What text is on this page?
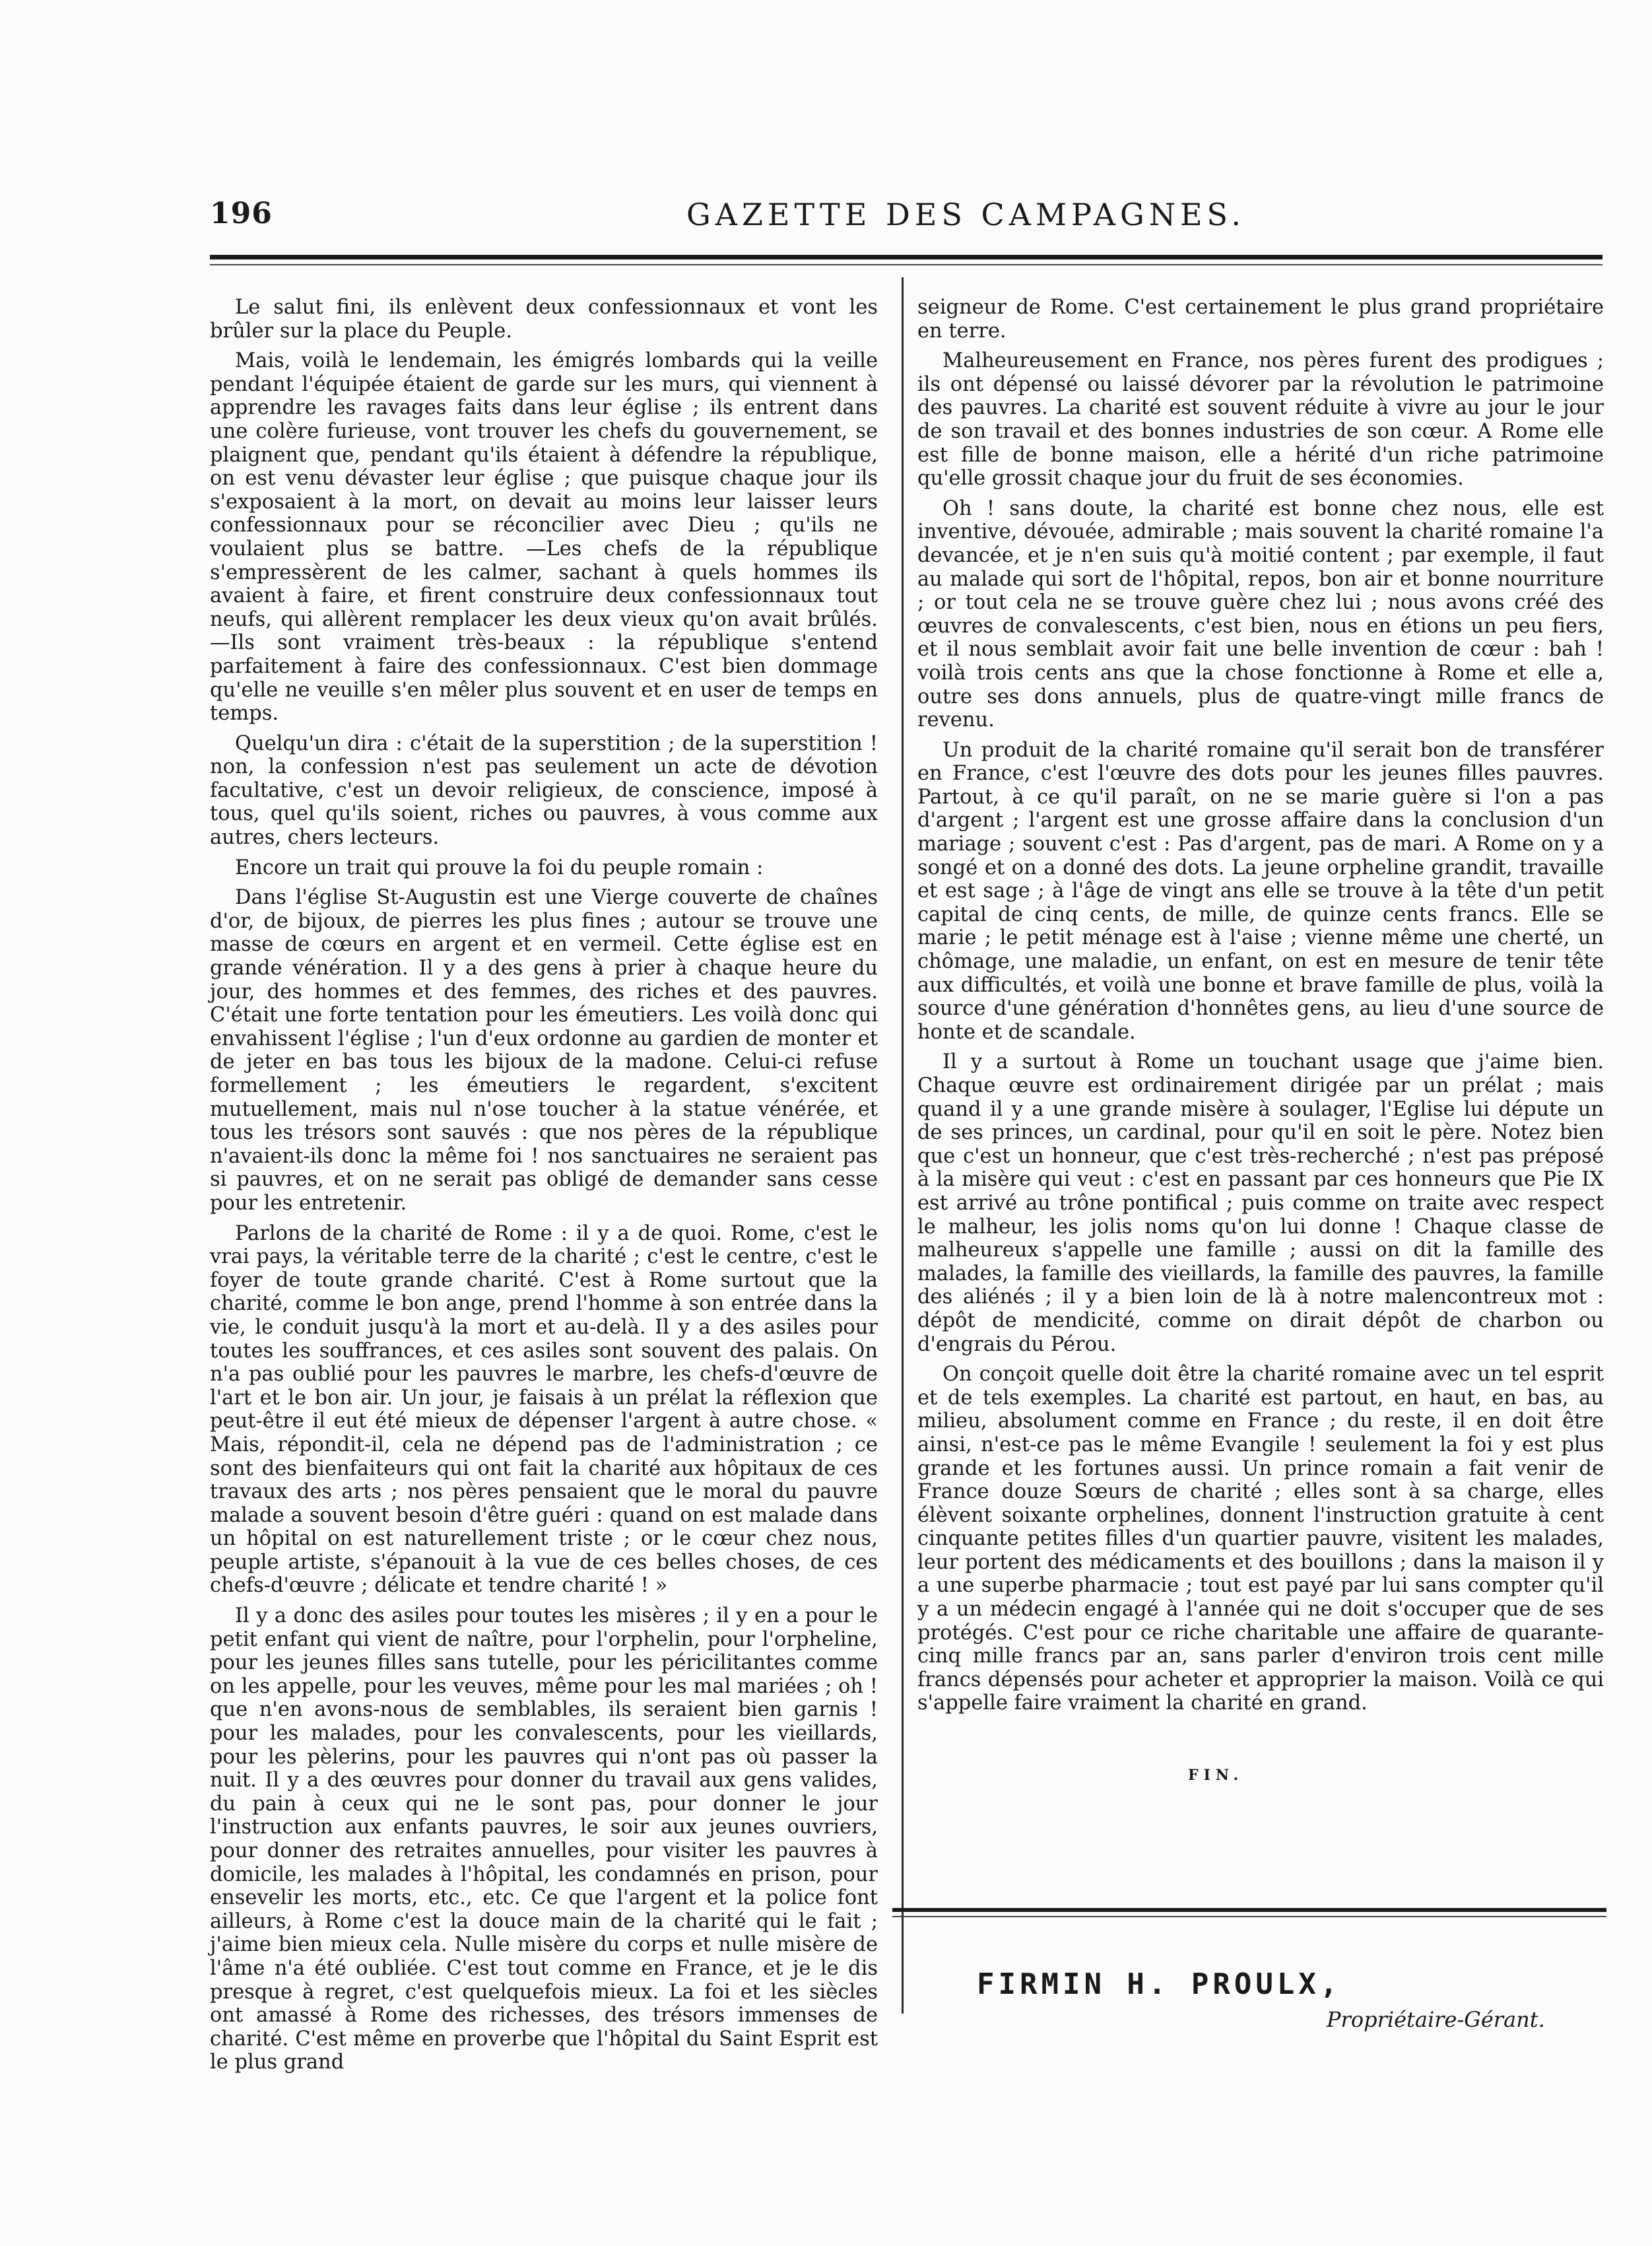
196	GAZETTE DES CAMPAGNES.

Le salut fini, ils enlèvent deux confessionnaux et vont les brûler sur la place du Peuple.

Mais, voilà le lendemain, les émigrés lombards qui la veille pendant l'équipée étaient de garde sur les murs, qui viennent à apprendre les ravages faits dans leur église ; ils entrent dans une colère furieuse, vont trouver les chefs du gouvernement, se plaignent que, pendant qu'ils étaient à défendre la république, on est venu dévaster leur église ; que puisque chaque jour ils s'exposaient à la mort, on devait au moins leur laisser leurs confessionnaux pour se réconcilier avec Dieu ; qu'ils ne voulaient plus se battre. —Les chefs de la république s'empressèrent de les calmer, sachant à quels hommes ils avaient à faire, et firent construire deux confessionnaux tout neufs, qui allèrent remplacer les deux vieux qu'on avait brûlés. —Ils sont vraiment très-beaux : la république s'entend parfaitement à faire des confessionnaux. C'est bien dommage qu'elle ne veuille s'en mêler plus souvent et en user de temps en temps.

Quelqu'un dira : c'était de la superstition ; de la superstition ! non, la confession n'est pas seulement un acte de dévotion facultative, c'est un devoir religieux, de conscience, imposé à tous, quel qu'ils soient, riches ou pauvres, à vous comme aux autres, chers lecteurs.

Encore un trait qui prouve la foi du peuple romain :

Dans l'église St-Augustin est une Vierge couverte de chaînes d'or, de bijoux, de pierres les plus fines ; autour se trouve une masse de cœurs en argent et en vermeil. Cette église est en grande vénération. Il y a des gens à prier à chaque heure du jour, des hommes et des femmes, des riches et des pauvres. C'était une forte tentation pour les émeutiers. Les voilà donc qui envahissent l'église ; l'un d'eux ordonne au gardien de monter et de jeter en bas tous les bijoux de la madone. Celui-ci refuse formellement ; les émeutiers le regardent, s'excitent mutuellement, mais nul n'ose toucher à la statue vénérée, et tous les trésors sont sauvés : que nos pères de la république n'avaient-ils donc la même foi ! nos sanctuaires ne seraient pas si pauvres, et on ne serait pas obligé de demander sans cesse pour les entretenir.

Parlons de la charité de Rome : il y a de quoi. Rome, c'est le vrai pays, la véritable terre de la charité ; c'est le centre, c'est le foyer de toute grande charité. C'est à Rome surtout que la charité, comme le bon ange, prend l'homme à son entrée dans la vie, le conduit jusqu'à la mort et au-delà. Il y a des asiles pour toutes les souffrances, et ces asiles sont souvent des palais. On n'a pas oublié pour les pauvres le marbre, les chefs-d'œuvre de l'art et le bon air. Un jour, je faisais à un prélat la réflexion que peut-être il eut été mieux de dépenser l'argent à autre chose. « Mais, répondit-il, cela ne dépend pas de l'administration ; ce sont des bienfaiteurs qui ont fait la charité aux hôpitaux de ces travaux des arts ; nos pères pensaient que le moral du pauvre malade a souvent besoin d'être guéri : quand on est malade dans un hôpital on est naturellement triste ; or le cœur chez nous, peuple artiste, s'épanouit à la vue de ces belles choses, de ces chefs-d'œuvre ; délicate et tendre charité ! »

Il y a donc des asiles pour toutes les misères ; il y en a pour le petit enfant qui vient de naître, pour l'orphelin, pour l'orpheline, pour les jeunes filles sans tutelle, pour les péricilitantes comme on les appelle, pour les veuves, même pour les mal mariées ; oh ! que n'en avons-nous de semblables, ils seraient bien garnis ! pour les malades, pour les convalescents, pour les vieillards, pour les pèlerins, pour les pauvres qui n'ont pas où passer la nuit. Il y a des œuvres pour donner du travail aux gens valides, du pain à ceux qui ne le sont pas, pour donner le jour l'instruction aux enfants pauvres, le soir aux jeunes ouvriers, pour donner des retraites annuelles, pour visiter les pauvres à domicile, les malades à l'hôpital, les condamnés en prison, pour ensevelir les morts, etc., etc. Ce que l'argent et la police font ailleurs, à Rome c'est la douce main de la charité qui le fait ; j'aime bien mieux cela. Nulle misère du corps et nulle misère de l'âme n'a été oubliée. C'est tout comme en France, et je le dis presque à regret, c'est quelquefois mieux. La foi et les siècles ont amassé à Rome des richesses, des trésors immenses de charité. C'est même en proverbe que l'hôpital du Saint Esprit est le plus grand

seigneur de Rome. C'est certainement le plus grand propriétaire en terre.

Malheureusement en France, nos pères furent des prodigues ; ils ont dépensé ou laissé dévorer par la révolution le patrimoine des pauvres. La charité est souvent réduite à vivre au jour le jour de son travail et des bonnes industries de son cœur. A Rome elle est fille de bonne maison, elle a hérité d'un riche patrimoine qu'elle grossit chaque jour du fruit de ses économies.

Oh ! sans doute, la charité est bonne chez nous, elle est inventive, dévouée, admirable ; mais souvent la charité romaine l'a devancée, et je n'en suis qu'à moitié content ; par exemple, il faut au malade qui sort de l'hôpital, repos, bon air et bonne nourriture ; or tout cela ne se trouve guère chez lui ; nous avons créé des œuvres de convalescents, c'est bien, nous en étions un peu fiers, et il nous semblait avoir fait une belle invention de cœur : bah ! voilà trois cents ans que la chose fonctionne à Rome et elle a, outre ses dons annuels, plus de quatre-vingt mille francs de revenu.

Un produit de la charité romaine qu'il serait bon de transférer en France, c'est l'œuvre des dots pour les jeunes filles pauvres. Partout, à ce qu'il paraît, on ne se marie guère si l'on a pas d'argent ; l'argent est une grosse affaire dans la conclusion d'un mariage ; souvent c'est : Pas d'argent, pas de mari. A Rome on y a songé et on a donné des dots. La jeune orpheline grandit, travaille et est sage ; à l'âge de vingt ans elle se trouve à la tête d'un petit capital de cinq cents, de mille, de quinze cents francs. Elle se marie ; le petit ménage est à l'aise ; vienne même une cherté, un chômage, une maladie, un enfant, on est en mesure de tenir tête aux difficultés, et voilà une bonne et brave famille de plus, voilà la source d'une génération d'honnêtes gens, au lieu d'une source de honte et de scandale.

Il y a surtout à Rome un touchant usage que j'aime bien. Chaque œuvre est ordinairement dirigée par un prélat ; mais quand il y a une grande misère à soulager, l'Eglise lui députe un de ses princes, un cardinal, pour qu'il en soit le père. Notez bien que c'est un honneur, que c'est très-recherché ; n'est pas préposé à la misère qui veut : c'est en passant par ces honneurs que Pie IX est arrivé au trône pontifical ; puis comme on traite avec respect le malheur, les jolis noms qu'on lui donne ! Chaque classe de malheureux s'appelle une famille ; aussi on dit la famille des malades, la famille des vieillards, la famille des pauvres, la famille des aliénés ; il y a bien loin de là à notre malencontreux mot : dépôt de mendicité, comme on dirait dépôt de charbon ou d'engrais du Pérou.

On conçoit quelle doit être la charité romaine avec un tel esprit et de tels exemples. La charité est partout, en haut, en bas, au milieu, absolument comme en France ; du reste, il en doit être ainsi, n'est-ce pas le même Evangile ! seulement la foi y est plus grande et les fortunes aussi. Un prince romain a fait venir de France douze Sœurs de charité ; elles sont à sa charge, elles élèvent soixante orphelines, donnent l'instruction gratuite à cent cinquante petites filles d'un quartier pauvre, visitent les malades, leur portent des médicaments et des bouillons ; dans la maison il y a une superbe pharmacie ; tout est payé par lui sans compter qu'il y a un médecin engagé à l'année qui ne doit s'occuper que de ses protégés. C'est pour ce riche charitable une affaire de quarante-cinq mille francs par an, sans parler d'environ trois cent mille francs dépensés pour acheter et approprier la maison. Voilà ce qui s'appelle faire vraiment la charité en grand.

FIN.
FIRMIN H. PROULX,
Propriétaire-Gérant.
